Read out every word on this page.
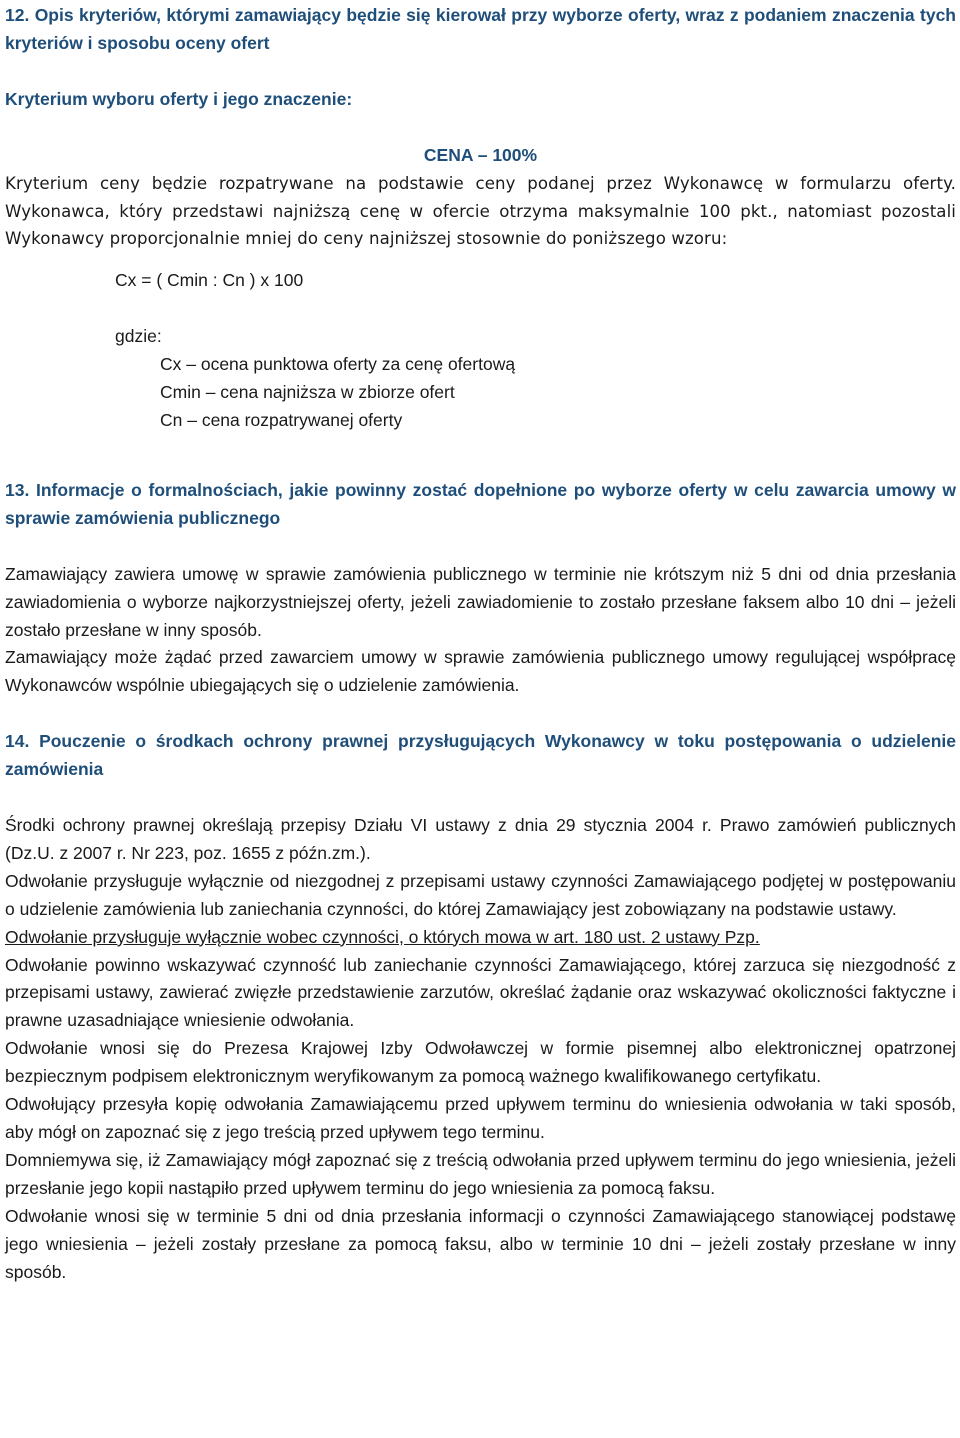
12. Opis kryteriów, którymi zamawiający będzie się kierował przy wyborze oferty, wraz z podaniem znaczenia tych kryteriów i sposobu oceny ofert

Kryterium wyboru oferty i jego znaczenie:

CENA – 100%

Kryterium ceny będzie rozpatrywane na podstawie ceny podanej przez Wykonawcę w formularzu oferty. Wykonawca, który przedstawi najniższą cenę w ofercie otrzyma maksymalnie 100 pkt., natomiast pozostali Wykonawcy proporcjonalnie mniej do ceny najniższej stosownie do poniższego wzoru:

Cx = ( Cmin : Cn ) x 100

gdzie:

Cx – ocena punktowa oferty za cenę ofertową

Cmin – cena najniższa w zbiorze ofert

Cn – cena rozpatrywanej oferty

13. Informacje o formalnościach, jakie powinny zostać dopełnione po wyborze oferty w celu zawarcia umowy w sprawie zamówienia publicznego

Zamawiający zawiera umowę w sprawie zamówienia publicznego w terminie nie krótszym niż 5 dni od dnia przesłania zawiadomienia o wyborze najkorzystniejszej oferty, jeżeli zawiadomienie to zostało przesłane faksem albo 10 dni – jeżeli zostało przesłane w inny sposób.

Zamawiający może żądać przed zawarciem umowy w sprawie zamówienia publicznego umowy regulującej współpracę Wykonawców wspólnie ubiegających się o udzielenie zamówienia.

14. Pouczenie o środkach ochrony prawnej przysługujących Wykonawcy w toku postępowania o udzielenie zamówienia

Środki ochrony prawnej określają przepisy Działu VI ustawy z dnia 29 stycznia 2004 r. Prawo zamówień publicznych (Dz.U. z 2007 r. Nr 223, poz. 1655 z późn.zm.).

Odwołanie przysługuje wyłącznie od niezgodnej z przepisami ustawy czynności Zamawiającego podjętej w postępowaniu o udzielenie zamówienia lub zaniechania czynności, do której Zamawiający jest zobowiązany na podstawie ustawy.

Odwołanie przysługuje wyłącznie wobec czynności, o których mowa w art. 180 ust. 2 ustawy Pzp.

Odwołanie powinno wskazywać czynność lub zaniechanie czynności Zamawiającego, której zarzuca się niezgodność z przepisami ustawy, zawierać zwięzłe przedstawienie zarzutów, określać żądanie oraz wskazywać okoliczności faktyczne i prawne uzasadniające wniesienie odwołania.

Odwołanie wnosi się do Prezesa Krajowej Izby Odwoławczej w formie pisemnej albo elektronicznej opatrzonej bezpiecznym podpisem elektronicznym weryfikowanym za pomocą ważnego kwalifikowanego certyfikatu.

Odwołujący przesyła kopię odwołania Zamawiającemu przed upływem terminu do wniesienia odwołania w taki sposób, aby mógł on zapoznać się z jego treścią przed upływem tego terminu.

Domniemywa się, iż Zamawiający mógł zapoznać się z treścią odwołania przed upływem terminu do jego wniesienia, jeżeli przesłanie jego kopii nastąpiło przed upływem terminu do jego wniesienia za pomocą faksu.

Odwołanie wnosi się w terminie 5 dni od dnia przesłania informacji o czynności Zamawiającego stanowiącej podstawę jego wniesienia – jeżeli zostały przesłane za pomocą faksu, albo w terminie 10 dni – jeżeli zostały przesłane w inny sposób.
